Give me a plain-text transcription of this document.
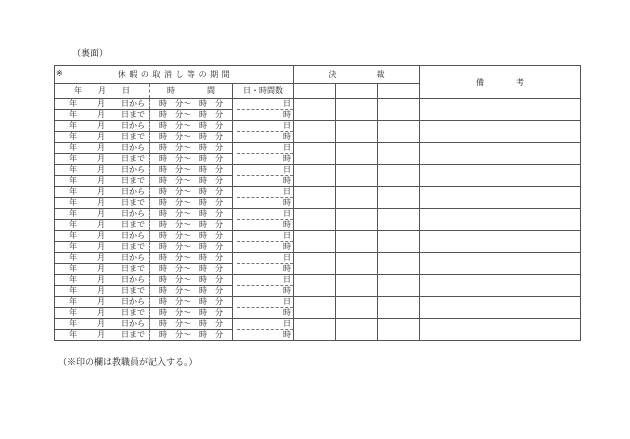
（裏面）
※ 休 暇 の 取 消 し 等 の 期 間			決　　　　　裁			備　　　　考
年　　月　　日	時　　　　間	日・時間数				
年 月 日から	時　分～　時　分	日				
年 月 日まで	時　分～　時　分	時				
年 月 日から	時　分～　時　分	日				
年 月 日まで	時　分～　時　分	時				
年 月 日から	時　分～　時　分	日				
年 月 日まで	時　分～　時　分	時				
年 月 日から	時　分～　時　分	日				
年 月 日まで	時　分～　時　分	時				
年 月 日から	時　分～　時　分	日				
年 月 日まで	時　分～　時　分	時				
年 月 日から	時　分～　時　分	日				
年 月 日まで	時　分～　時　分	時				
年 月 日から	時　分～　時　分	日				
年 月 日まで	時　分～　時　分	時				
年 月 日から	時　分～　時　分	日				
年 月 日まで	時　分～　時　分	時				
年 月 日から	時　分～　時　分	日				
年 月 日まで	時　分～　時　分	時				
年 月 日から	時　分～　時　分	日				
年 月 日まで	時　分～　時　分	時				
年 月 日から	時　分～　時　分	日				
年 月 日まで	時　分～　時　分	時				
（※印の欄は教職員が記入する。）
